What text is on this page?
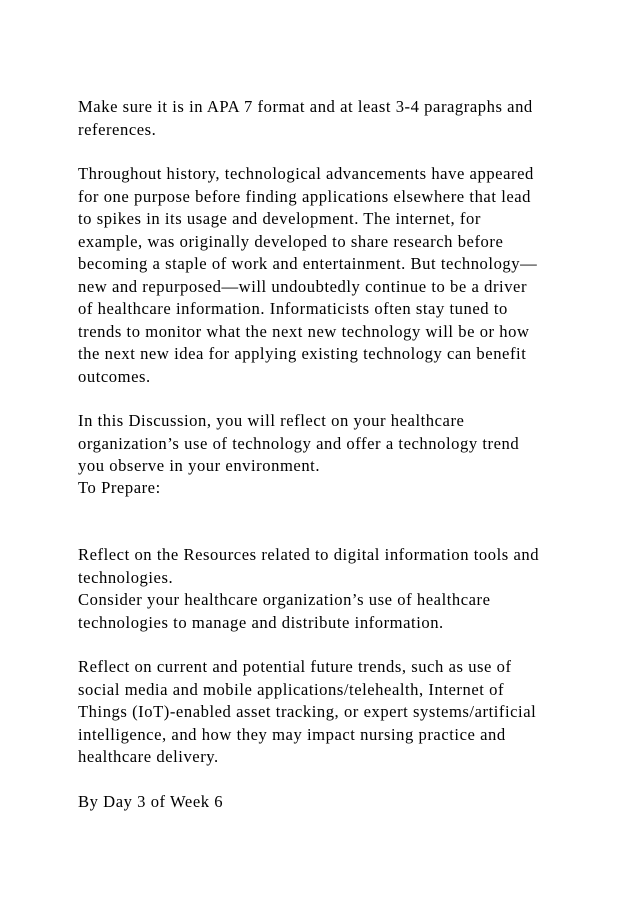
Make sure it is in APA 7 format and at least 3-4 paragraphs and
references.

Throughout history, technological advancements have appeared
for one purpose before finding applications elsewhere that lead
to spikes in its usage and development. The internet, for
example, was originally developed to share research before
becoming a staple of work and entertainment. But technology—
new and repurposed—will undoubtedly continue to be a driver
of healthcare information. Informaticists often stay tuned to
trends to monitor what the next new technology will be or how
the next new idea for applying existing technology can benefit
outcomes.

In this Discussion, you will reflect on your healthcare
organization’s use of technology and offer a technology trend
you observe in your environment.

To Prepare:

Reflect on the Resources related to digital information tools and
technologies.

Consider your healthcare organization’s use of healthcare
technologies to manage and distribute information.

Reflect on current and potential future trends, such as use of
social media and mobile applications/telehealth, Internet of
Things (IoT)-enabled asset tracking, or expert systems/artificial
intelligence, and how they may impact nursing practice and
healthcare delivery.

By Day 3 of Week 6
